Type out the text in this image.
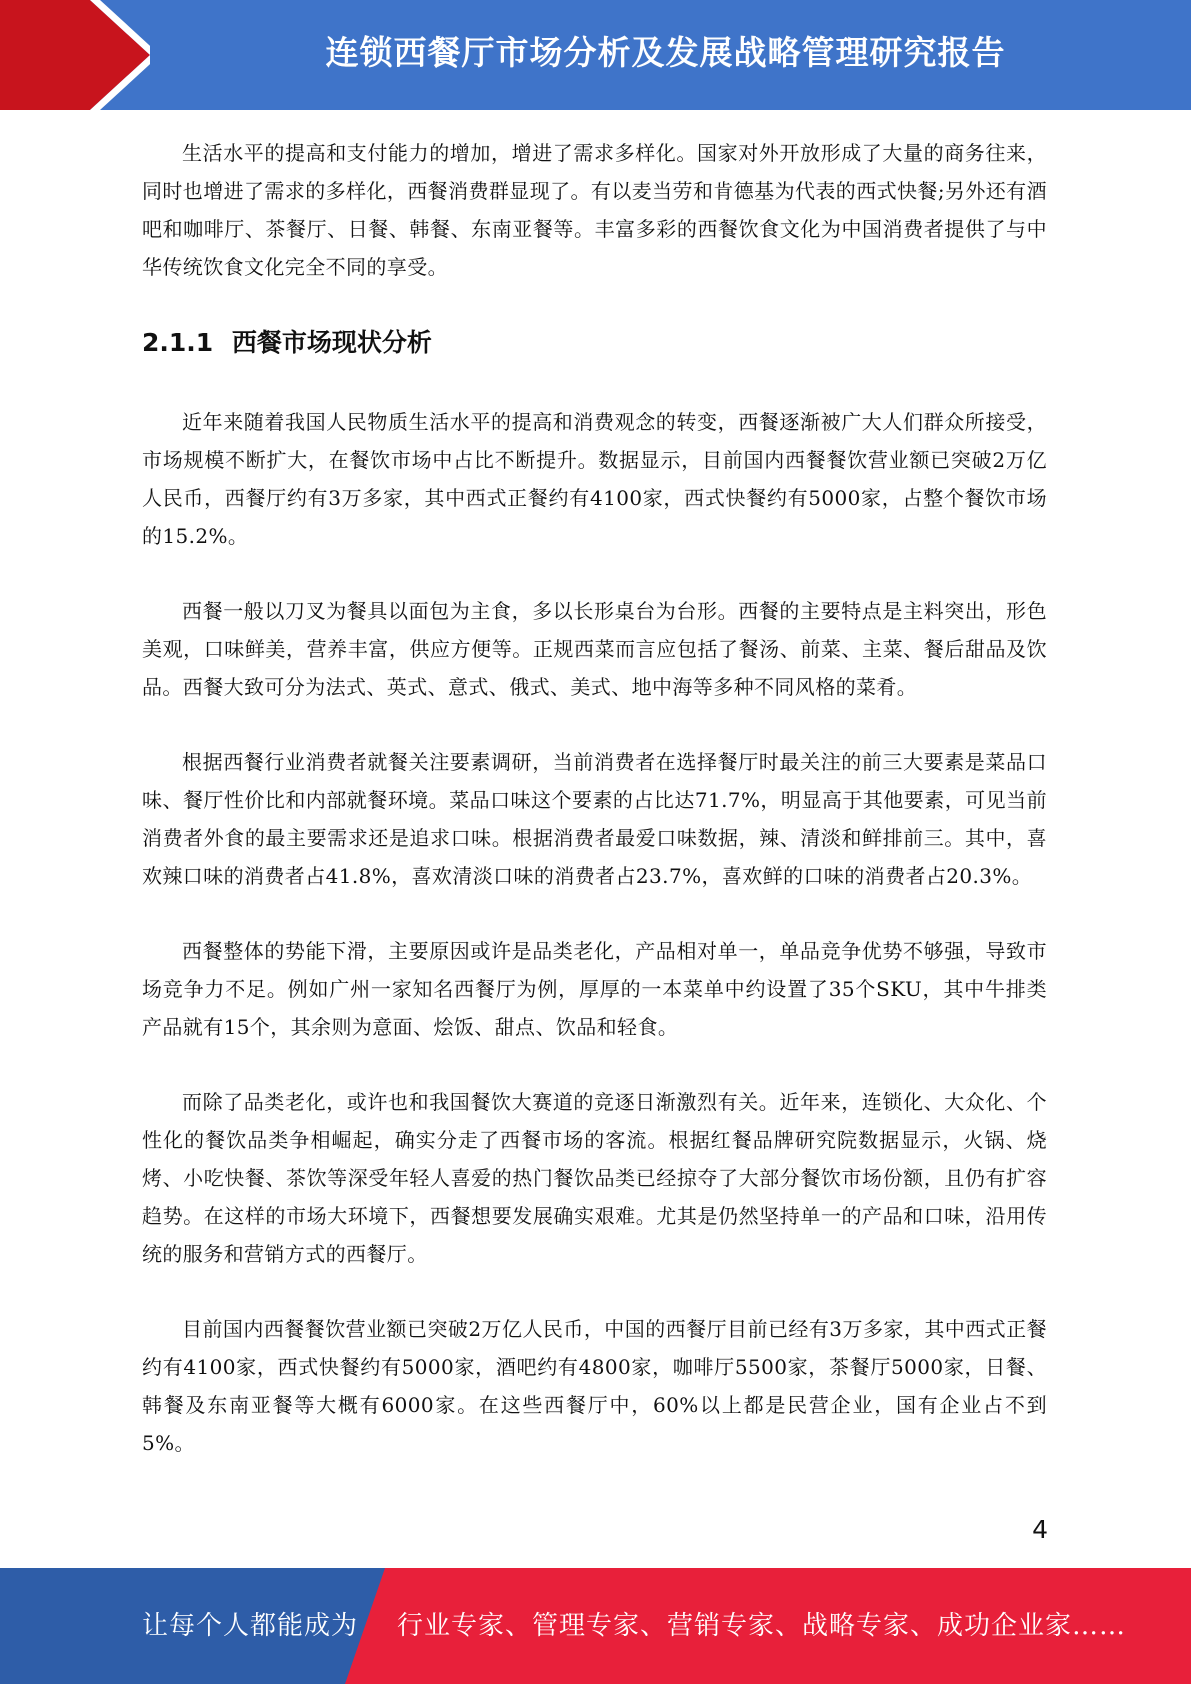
连锁西餐厅市场分析及发展战略管理研究报告

生活水平的提高和支付能力的增加，增进了需求多样化。国家对外开放形成了大量的商务往来，同时也增进了需求的多样化，西餐消费群显现了。有以麦当劳和肯德基为代表的西式快餐;另外还有酒吧和咖啡厅、茶餐厅、日餐、韩餐、东南亚餐等。丰富多彩的西餐饮食文化为中国消费者提供了与中华传统饮食文化完全不同的享受。

2.1.1 西餐市场现状分析

近年来随着我国人民物质生活水平的提高和消费观念的转变，西餐逐渐被广大人们群众所接受，市场规模不断扩大，在餐饮市场中占比不断提升。数据显示，目前国内西餐餐饮营业额已突破2万亿人民币，西餐厅约有3万多家，其中西式正餐约有4100家，西式快餐约有5000家，占整个餐饮市场的15.2%。

西餐一般以刀叉为餐具以面包为主食，多以长形桌台为台形。西餐的主要特点是主料突出，形色美观，口味鲜美，营养丰富，供应方便等。正规西菜而言应包括了餐汤、前菜、主菜、餐后甜品及饮品。西餐大致可分为法式、英式、意式、俄式、美式、地中海等多种不同风格的菜肴。

根据西餐行业消费者就餐关注要素调研，当前消费者在选择餐厅时最关注的前三大要素是菜品口味、餐厅性价比和内部就餐环境。菜品口味这个要素的占比达71.7%，明显高于其他要素，可见当前消费者外食的最主要需求还是追求口味。根据消费者最爱口味数据，辣、清淡和鲜排前三。其中，喜欢辣口味的消费者占41.8%，喜欢清淡口味的消费者占23.7%，喜欢鲜的口味的消费者占20.3%。

西餐整体的势能下滑，主要原因或许是品类老化，产品相对单一，单品竞争优势不够强，导致市场竞争力不足。例如广州一家知名西餐厅为例，厚厚的一本菜单中约设置了35个SKU，其中牛排类产品就有15个，其余则为意面、烩饭、甜点、饮品和轻食。

而除了品类老化，或许也和我国餐饮大赛道的竞逐日渐激烈有关。近年来，连锁化、大众化、个性化的餐饮品类争相崛起，确实分走了西餐市场的客流。根据红餐品牌研究院数据显示，火锅、烧烤、小吃快餐、茶饮等深受年轻人喜爱的热门餐饮品类已经掠夺了大部分餐饮市场份额，且仍有扩容趋势。在这样的市场大环境下，西餐想要发展确实艰难。尤其是仍然坚持单一的产品和口味，沿用传统的服务和营销方式的西餐厅。

目前国内西餐餐饮营业额已突破2万亿人民币，中国的西餐厅目前已经有3万多家，其中西式正餐约有4100家，西式快餐约有5000家，酒吧约有4800家，咖啡厅5500家，茶餐厅5000家，日餐、韩餐及东南亚餐等大概有6000家。在这些西餐厅中，60%以上都是民营企业，国有企业占不到5%。

4
让每个人都能成为 行业专家、管理专家、营销专家、战略专家、成功企业家……
